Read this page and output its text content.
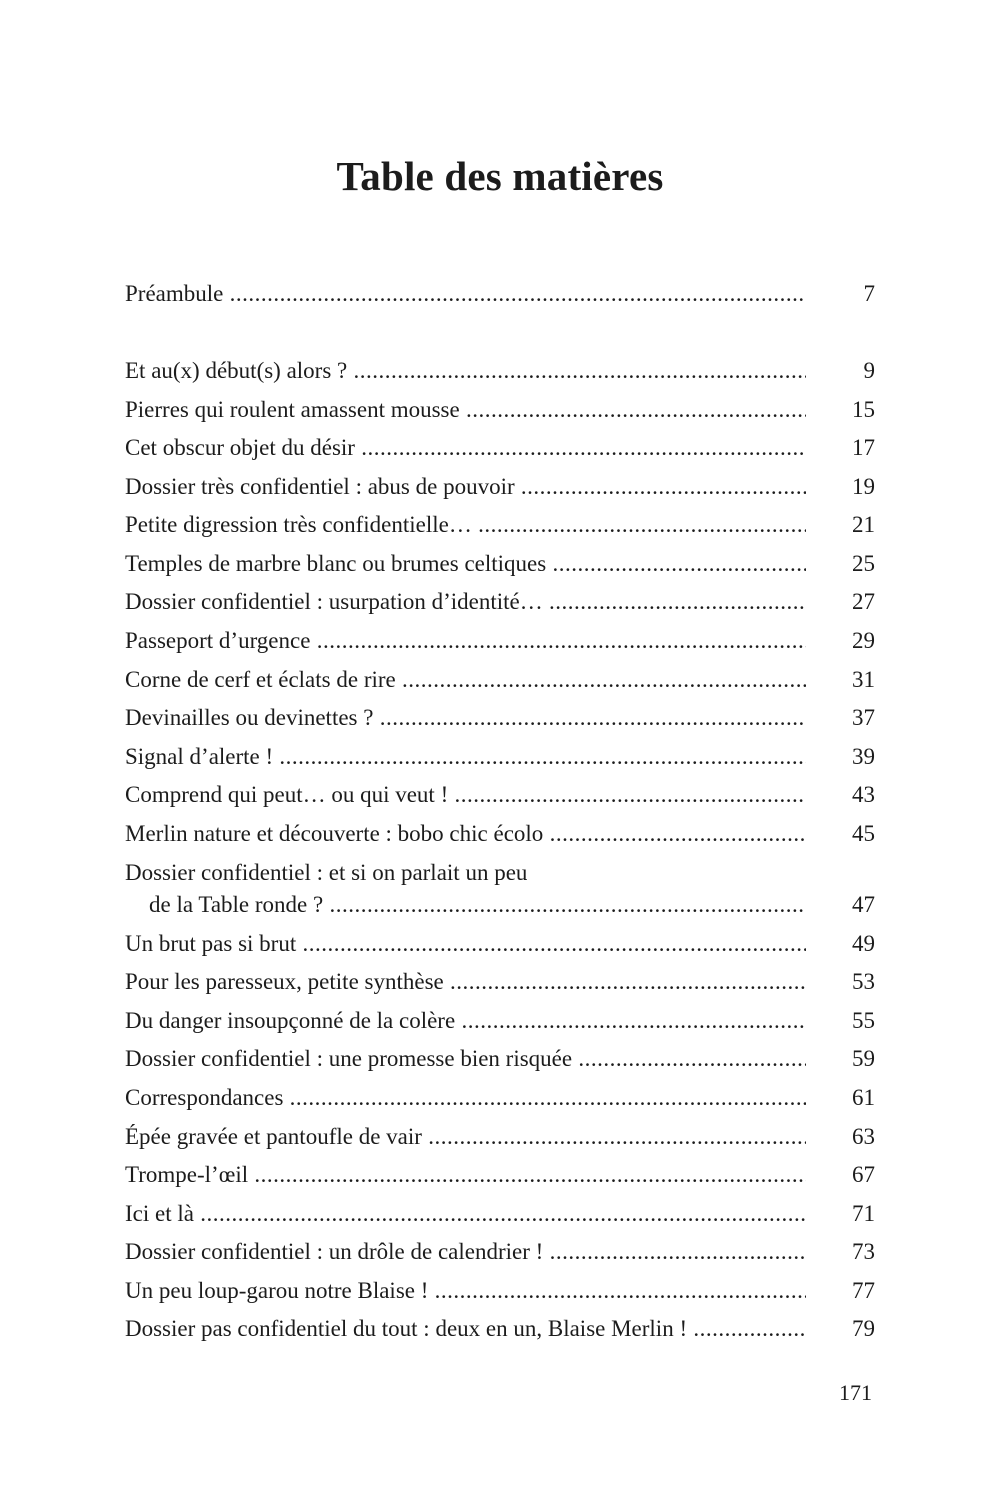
Table des matières
Préambule .....	7
Et au(x) début(s) alors ? .....	9
Pierres qui roulent amassent mousse .....	15
Cet obscur objet du désir .....	17
Dossier très confidentiel : abus de pouvoir .....	19
Petite digression très confidentielle… .....	21
Temples de marbre blanc ou brumes celtiques .....	25
Dossier confidentiel : usurpation d’identité… .....	27
Passeport d’urgence .....	29
Corne de cerf et éclats de rire .....	31
Devinailles ou devinettes ? .....	37
Signal d’alerte ! .....	39
Comprend qui peut… ou qui veut ! .....	43
Merlin nature et découverte : bobo chic écolo .....	45
Dossier confidentiel : et si on parlait un peu
de la Table ronde ? .....	47
Un brut pas si brut .....	49
Pour les paresseux, petite synthèse .....	53
Du danger insoupçonné de la colère .....	55
Dossier confidentiel : une promesse bien risquée .....	59
Correspondances .....	61
Épée gravée et pantoufle de vair .....	63
Trompe-l’œil .....	67
Ici et là .....	71
Dossier confidentiel : un drôle de calendrier ! .....	73
Un peu loup-garou notre Blaise ! .....	77
Dossier pas confidentiel du tout : deux en un, Blaise Merlin ! .....	79
171
